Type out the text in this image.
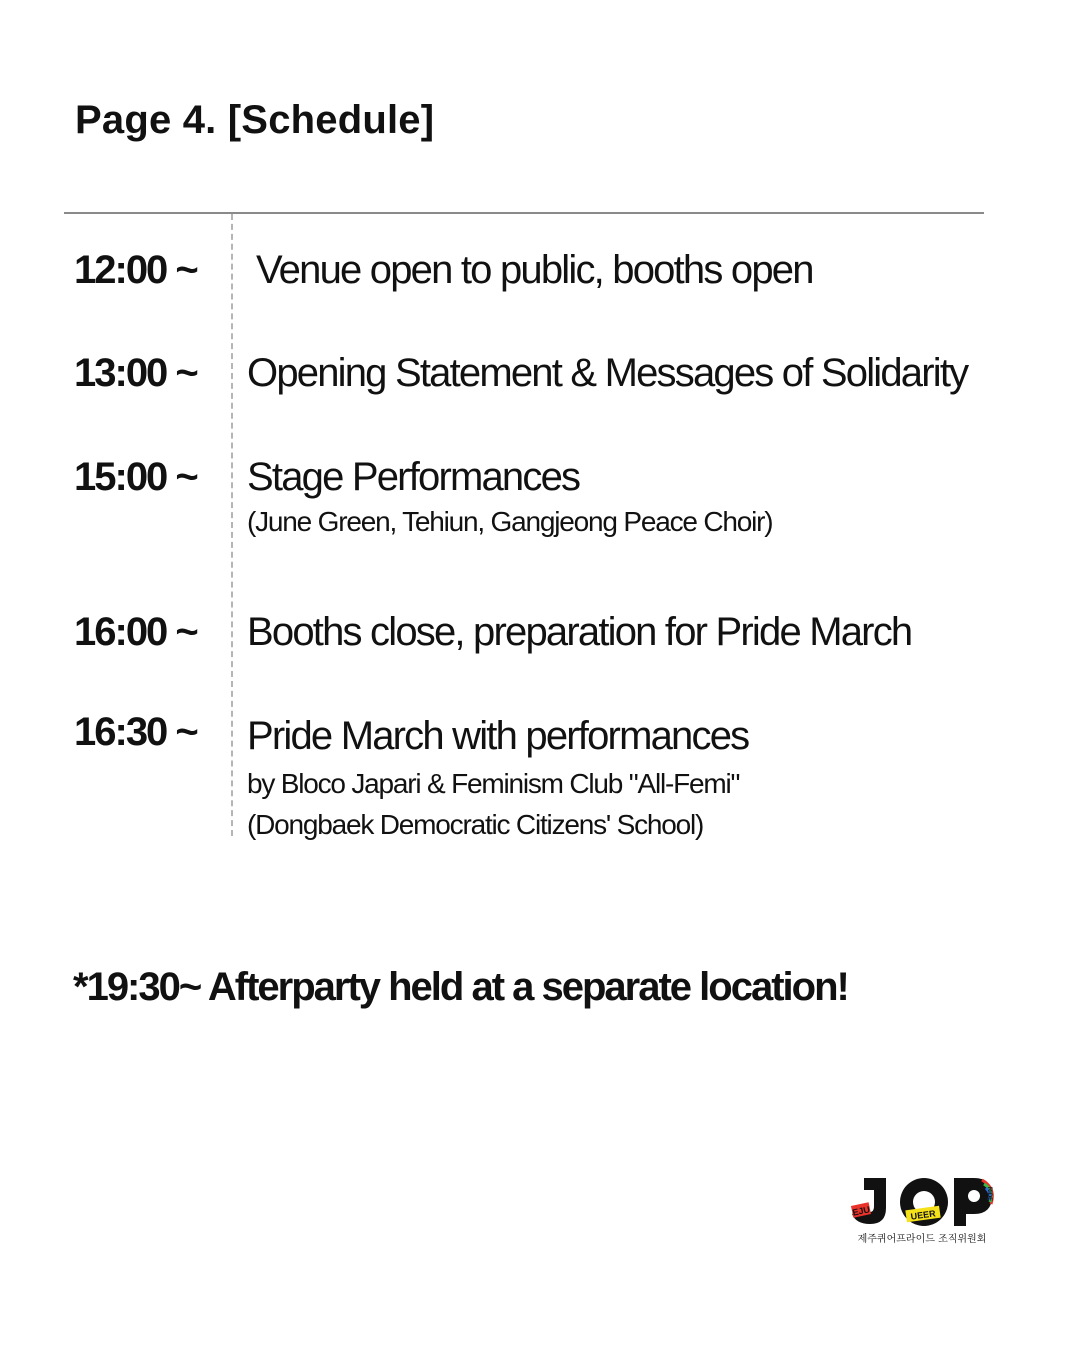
Page 4. [Schedule]
12:00 ~ Venue open to public, booths open
13:00 ~ Opening Statement & Messages of Solidarity
15:00 ~ Stage Performances
(June Green, Tehiun, Gangjeong Peace Choir)
16:00 ~ Booths close, preparation for Pride March
16:30 ~ Pride March with performances
by Bloco Japari & Feminism Club "All-Femi"
(Dongbaek Democratic Citizens' School)
*19:30~ Afterparty held at a separate location!
EJU	UEER
RIDE
제주퀴어프라이드 조직위원회
